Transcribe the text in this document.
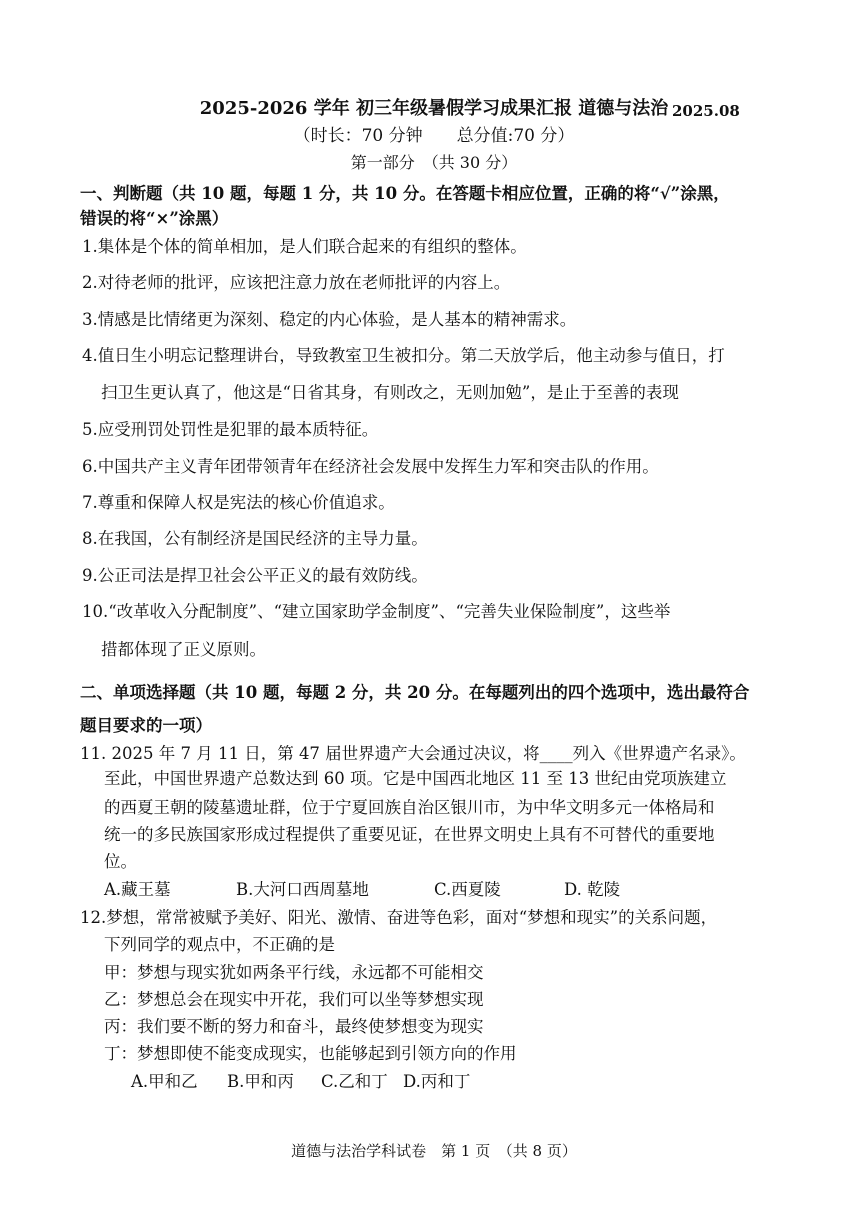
2025-2026 学年 初三年级暑假学习成果汇报 道德与法治 2025.08
（时长：70 分钟　　总分值:70 分）
第一部分　（共 30 分）
一、判断题（共 10 题，每题 1 分，共 10 分。在答题卡相应位置，正确的将“√”涂黑，
错误的将“×”涂黑）
1.集体是个体的简单相加，是人们联合起来的有组织的整体。
2.对待老师的批评，应该把注意力放在老师批评的内容上。
3.情感是比情绪更为深刻、稳定的内心体验，是人基本的精神需求。
4.值日生小明忘记整理讲台，导致教室卫生被扣分。第二天放学后，他主动参与值日，打
扫卫生更认真了，他这是“日省其身，有则改之，无则加勉”，是止于至善的表现
5.应受刑罚处罚性是犯罪的最本质特征。
6.中国共产主义青年团带领青年在经济社会发展中发挥生力军和突击队的作用。
7.尊重和保障人权是宪法的核心价值追求。
8.在我国，公有制经济是国民经济的主导力量。
9.公正司法是捍卫社会公平正义的最有效防线。
10.“改革收入分配制度”、“建立国家助学金制度”、“完善失业保险制度”，这些举
措都体现了正义原则。
二、单项选择题（共 10 题，每题 2 分，共 20 分。在每题列出的四个选项中，选出最符合
题目要求的一项）
11. 2025 年 7 月 11 日，第 47 届世界遗产大会通过决议，将____列入《世界遗产名录》。
至此，中国世界遗产总数达到 60 项。它是中国西北地区 11 至 13 世纪由党项族建立
的西夏王朝的陵墓遗址群，位于宁夏回族自治区银川市，为中华文明多元一体格局和
统一的多民族国家形成过程提供了重要见证，在世界文明史上具有不可替代的重要地
位。
A.藏王墓	B.大河口西周墓地	C.西夏陵	D. 乾陵
12.梦想，常常被赋予美好、阳光、激情、奋进等色彩，面对“梦想和现实”的关系问题，
下列同学的观点中，不正确的是
甲：梦想与现实犹如两条平行线，永远都不可能相交
乙：梦想总会在现实中开花，我们可以坐等梦想实现
丙：我们要不断的努力和奋斗，最终使梦想变为现实
丁：梦想即使不能变成现实，也能够起到引领方向的作用
A.甲和乙 B.甲和丙 C.乙和丁 D.丙和丁
道德与法治学科试卷　第 1 页　（共 8 页）
